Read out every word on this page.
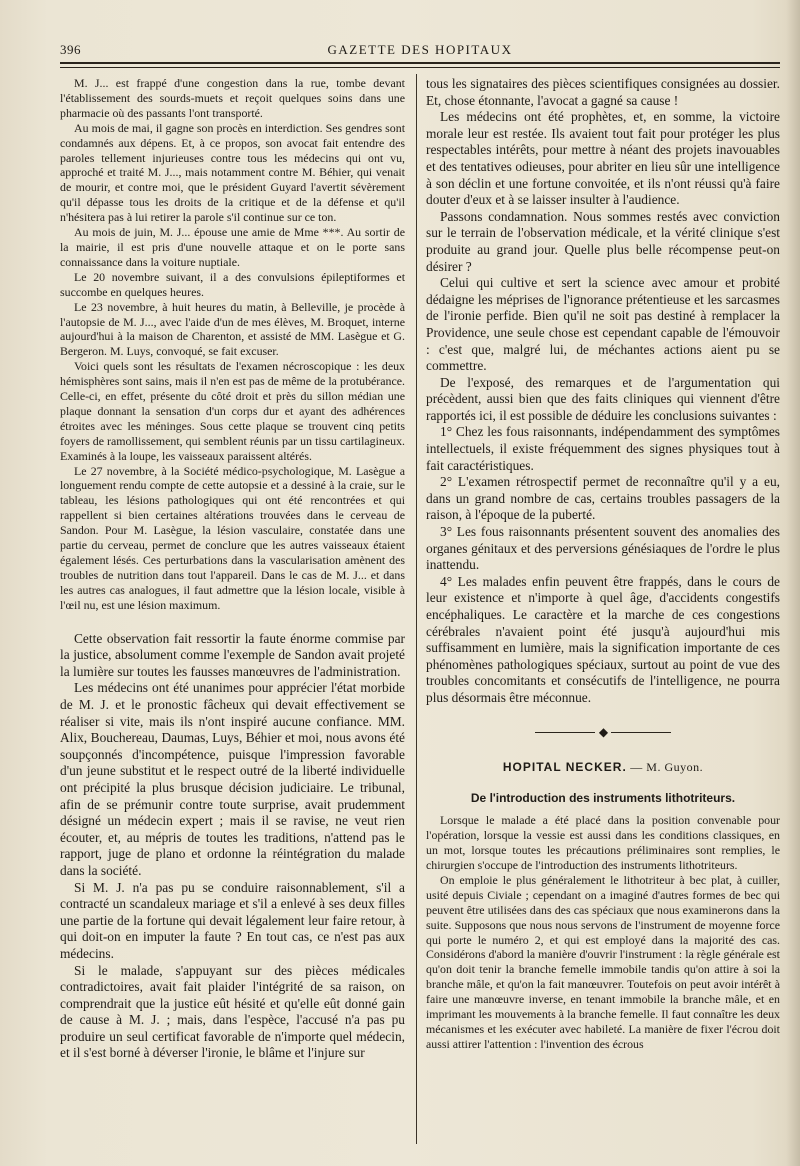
396	GAZETTE DES HOPITAUX

M. J... est frappé d'une congestion dans la rue, tombe devant l'établissement des sourds-muets et reçoit quelques soins dans une pharmacie où des passants l'ont transporté.

Au mois de mai, il gagne son procès en interdiction. Ses gendres sont condamnés aux dépens. Et, à ce propos, son avocat fait entendre des paroles tellement injurieuses contre tous les médecins qui ont vu, approché et traité M. J..., mais notamment contre M. Béhier, qui venait de mourir, et contre moi, que le président Guyard l'avertit sévèrement qu'il dépasse tous les droits de la critique et de la défense et qu'il n'hésitera pas à lui retirer la parole s'il continue sur ce ton.

Au mois de juin, M. J... épouse une amie de Mme ***. Au sortir de la mairie, il est pris d'une nouvelle attaque et on le porte sans connaissance dans la voiture nuptiale.

Le 20 novembre suivant, il a des convulsions épileptiformes et succombe en quelques heures.

Le 23 novembre, à huit heures du matin, à Belleville, je procède à l'autopsie de M. J..., avec l'aide d'un de mes élèves, M. Broquet, interne aujourd'hui à la maison de Charenton, et assisté de MM. Lasègue et G. Bergeron. M. Luys, convoqué, se fait excuser.

Voici quels sont les résultats de l'examen nécroscopique : les deux hémisphères sont sains, mais il n'en est pas de même de la protubérance. Celle-ci, en effet, présente du côté droit et près du sillon médian une plaque donnant la sensation d'un corps dur et ayant des adhérences étroites avec les méninges. Sous cette plaque se trouvent cinq petits foyers de ramollissement, qui semblent réunis par un tissu cartilagineux. Examinés à la loupe, les vaisseaux paraissent altérés.

Le 27 novembre, à la Société médico-psychologique, M. Lasègue a longuement rendu compte de cette autopsie et a dessiné à la craie, sur le tableau, les lésions pathologiques qui ont été rencontrées et qui rappellent si bien certaines altérations trouvées dans le cerveau de Sandon. Pour M. Lasègue, la lésion vasculaire, constatée dans une partie du cerveau, permet de conclure que les autres vaisseaux étaient également lésés. Ces perturbations dans la vascularisation amènent des troubles de nutrition dans tout l'appareil. Dans le cas de M. J... et dans les autres cas analogues, il faut admettre que la lésion locale, visible à l'œil nu, est une lésion maximum.

Cette observation fait ressortir la faute énorme commise par la justice, absolument comme l'exemple de Sandon avait projeté la lumière sur toutes les fausses manœuvres de l'administration.

Les médecins ont été unanimes pour apprécier l'état morbide de M. J. et le pronostic fâcheux qui devait effectivement se réaliser si vite, mais ils n'ont inspiré aucune confiance. MM. Alix, Bouchereau, Daumas, Luys, Béhier et moi, nous avons été soupçonnés d'incompétence, puisque l'impression favorable d'un jeune substitut et le respect outré de la liberté individuelle ont précipité la plus brusque décision judiciaire. Le tribunal, afin de se prémunir contre toute surprise, avait prudemment désigné un médecin expert ; mais il se ravise, ne veut rien écouter, et, au mépris de toutes les traditions, n'attend pas le rapport, juge de plano et ordonne la réintégration du malade dans la société.

Si M. J. n'a pas pu se conduire raisonnablement, s'il a contracté un scandaleux mariage et s'il a enlevé à ses deux filles une partie de la fortune qui devait légalement leur faire retour, à qui doit-on en imputer la faute ? En tout cas, ce n'est pas aux médecins.

Si le malade, s'appuyant sur des pièces médicales contradictoires, avait fait plaider l'intégrité de sa raison, on comprendrait que la justice eût hésité et qu'elle eût donné gain de cause à M. J. ; mais, dans l'espèce, l'accusé n'a pas pu produire un seul certificat favorable de n'importe quel médecin, et il s'est borné à déverser l'ironie, le blâme et l'injure sur

tous les signataires des pièces scientifiques consignées au dossier. Et, chose étonnante, l'avocat a gagné sa cause !

Les médecins ont été prophètes, et, en somme, la victoire morale leur est restée. Ils avaient tout fait pour protéger les plus respectables intérêts, pour mettre à néant des projets inavouables et des tentatives odieuses, pour abriter en lieu sûr une intelligence à son déclin et une fortune convoitée, et ils n'ont réussi qu'à faire douter d'eux et à se laisser insulter à l'audience.

Passons condamnation. Nous sommes restés avec conviction sur le terrain de l'observation médicale, et la vérité clinique s'est produite au grand jour. Quelle plus belle récompense peut-on désirer ?

Celui qui cultive et sert la science avec amour et probité dédaigne les méprises de l'ignorance prétentieuse et les sarcasmes de l'ironie perfide. Bien qu'il ne soit pas destiné à remplacer la Providence, une seule chose est cependant capable de l'émouvoir : c'est que, malgré lui, de méchantes actions aient pu se commettre.

De l'exposé, des remarques et de l'argumentation qui précèdent, aussi bien que des faits cliniques qui viennent d'être rapportés ici, il est possible de déduire les conclusions suivantes :

1° Chez les fous raisonnants, indépendamment des symptômes intellectuels, il existe fréquemment des signes physiques tout à fait caractéristiques.

2° L'examen rétrospectif permet de reconnaître qu'il y a eu, dans un grand nombre de cas, certains troubles passagers de la raison, à l'époque de la puberté.

3° Les fous raisonnants présentent souvent des anomalies des organes génitaux et des perversions génésiaques de l'ordre le plus inattendu.

4° Les malades enfin peuvent être frappés, dans le cours de leur existence et n'importe à quel âge, d'accidents congestifs encéphaliques. Le caractère et la marche de ces congestions cérébrales n'avaient point été jusqu'à aujourd'hui mis suffisamment en lumière, mais la signification importante de ces phénomènes pathologiques spéciaux, surtout au point de vue des troubles concomitants et consécutifs de l'intelligence, ne pourra plus désormais être méconnue.

◆
HOPITAL NECKER. — M. Guyon.
De l'introduction des instruments lithotriteurs.

Lorsque le malade a été placé dans la position convenable pour l'opération, lorsque la vessie est aussi dans les conditions classiques, en un mot, lorsque toutes les précautions préliminaires sont remplies, le chirurgien s'occupe de l'introduction des instruments lithotriteurs.

On emploie le plus généralement le lithotriteur à bec plat, à cuiller, usité depuis Civiale ; cependant on a imaginé d'autres formes de bec qui peuvent être utilisées dans des cas spéciaux que nous examinerons dans la suite. Supposons que nous nous servons de l'instrument de moyenne force qui porte le numéro 2, et qui est employé dans la majorité des cas. Considérons d'abord la manière d'ouvrir l'instrument : la règle générale est qu'on doit tenir la branche femelle immobile tandis qu'on attire à soi la branche mâle, et qu'on la fait manœuvrer. Toutefois on peut avoir intérêt à faire une manœuvre inverse, en tenant immobile la branche mâle, et en imprimant les mouvements à la branche femelle. Il faut connaître les deux mécanismes et les exécuter avec habileté. La manière de fixer l'écrou doit aussi attirer l'attention : l'invention des écrous
